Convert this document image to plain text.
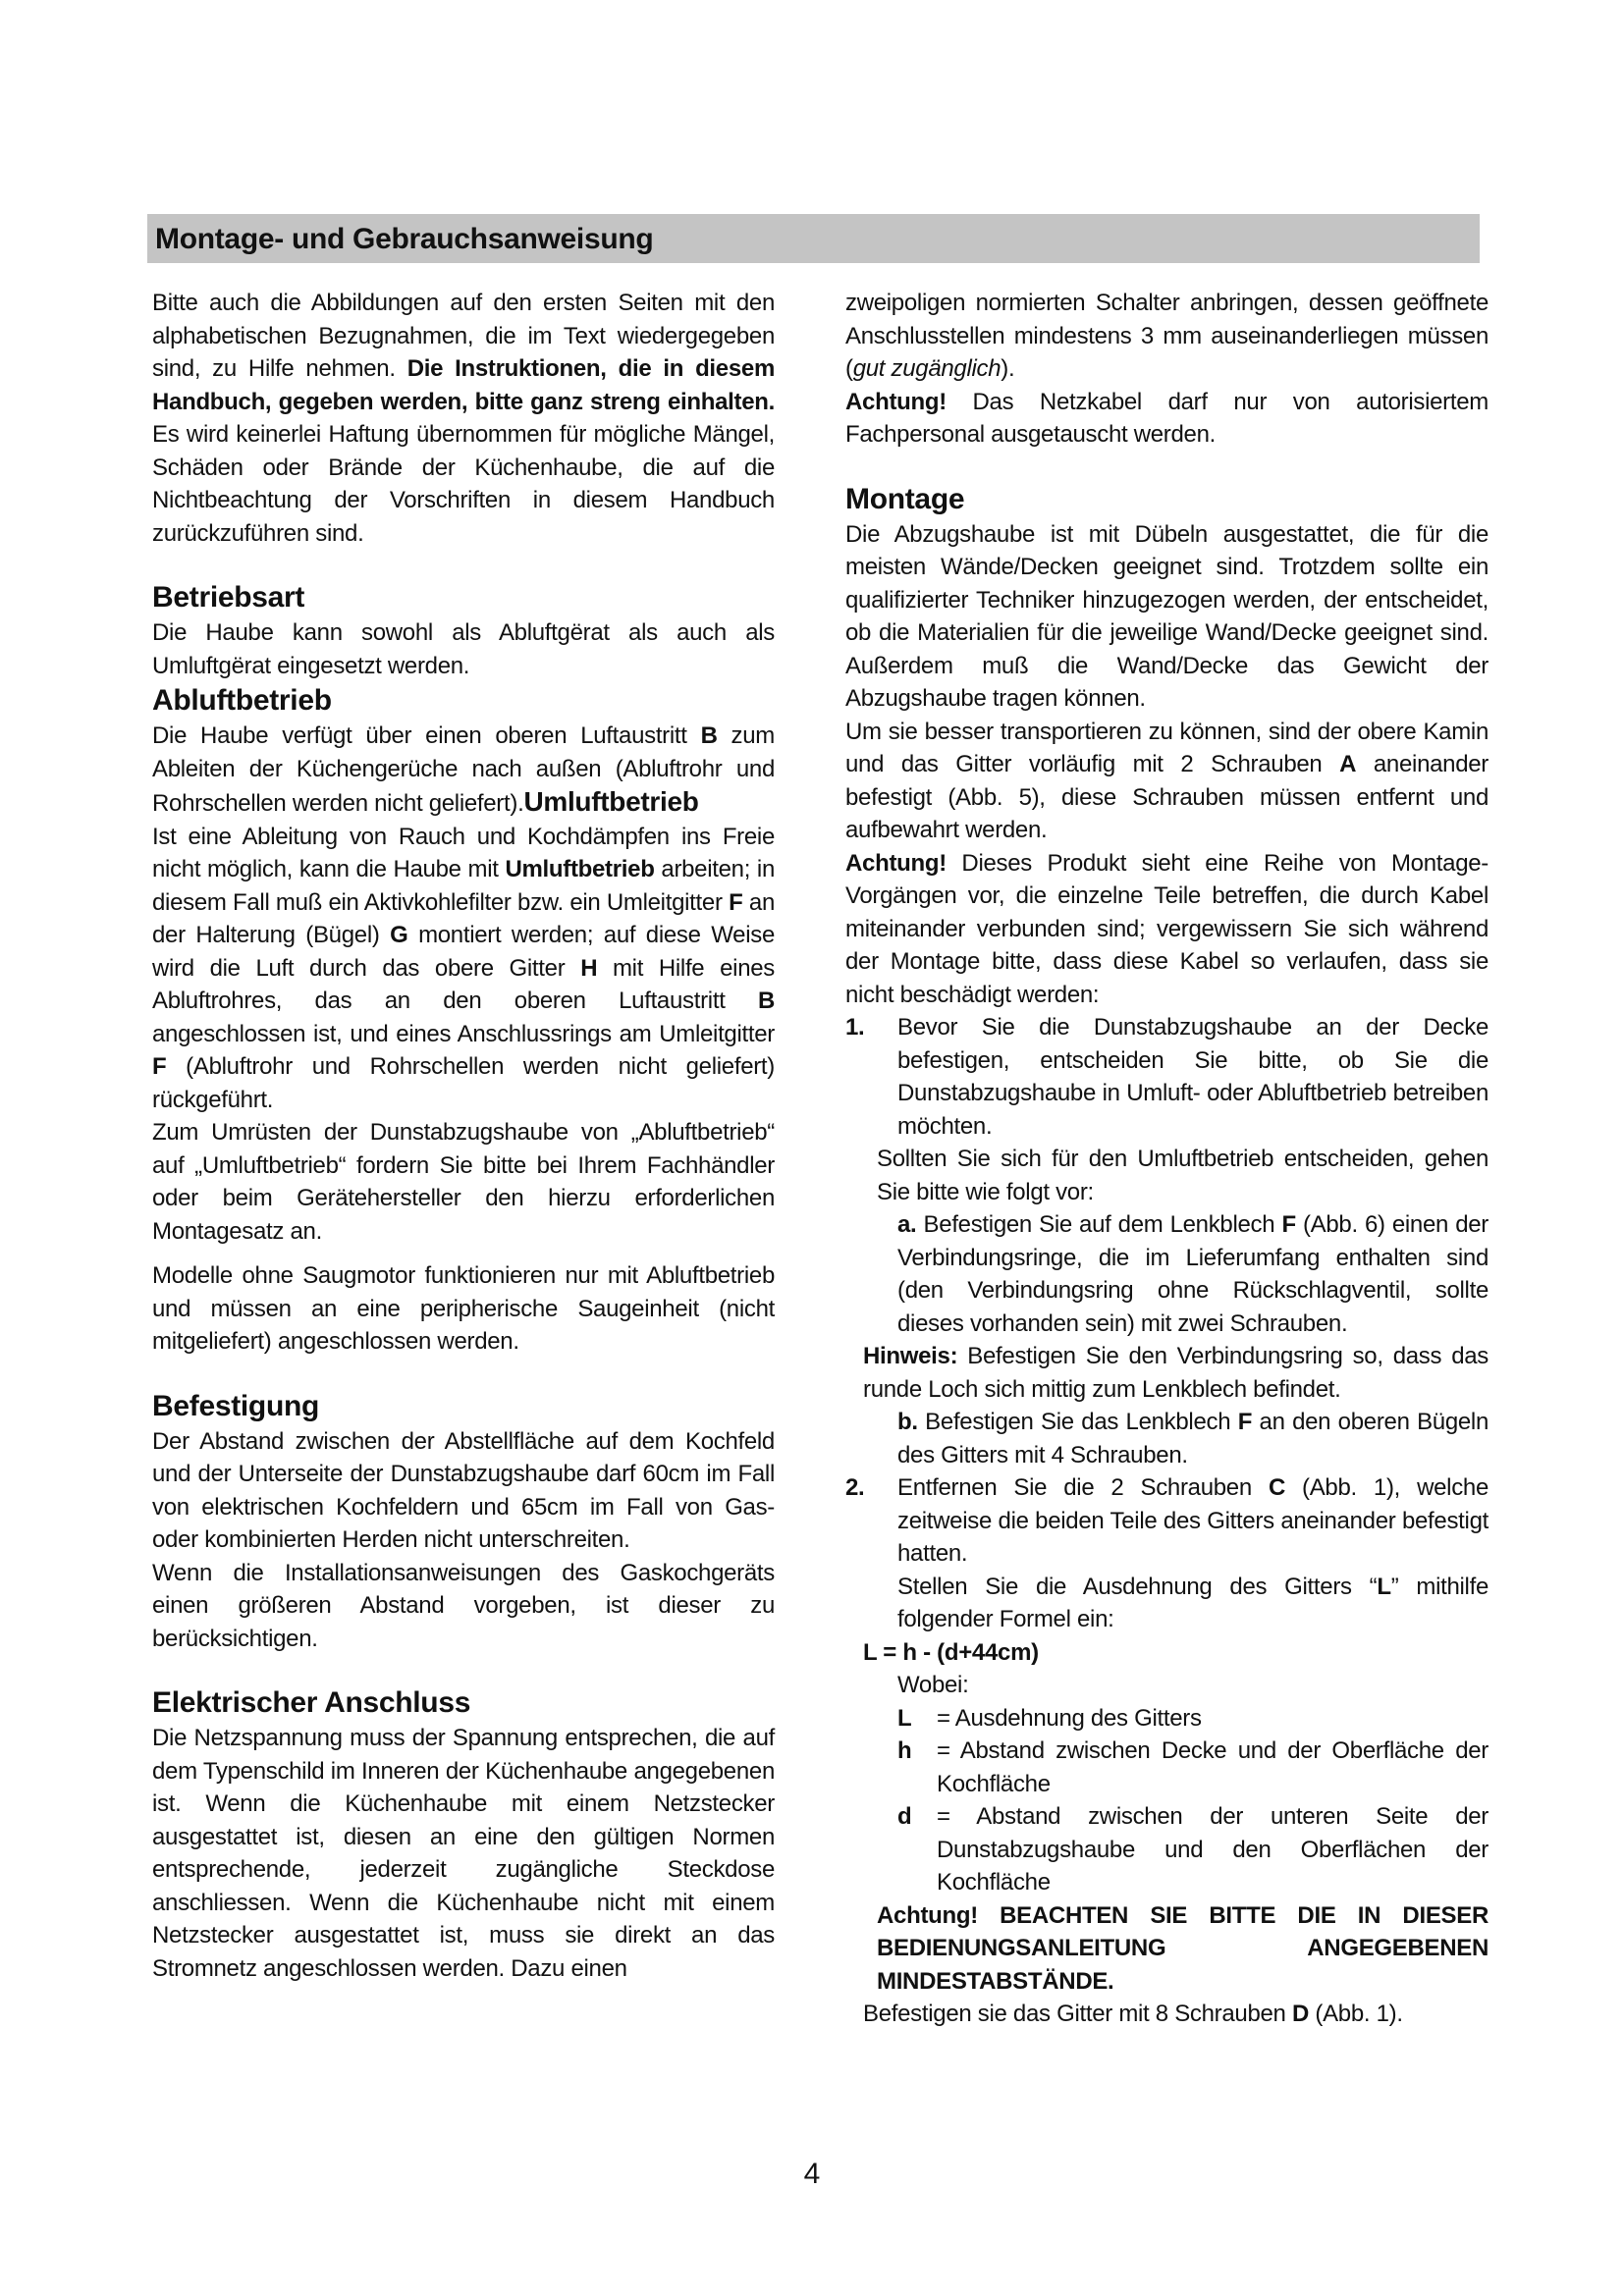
Montage- und Gebrauchsanweisung

Bitte auch die Abbildungen auf den ersten Seiten mit den alphabetischen Bezugnahmen, die im Text wiedergegeben sind, zu Hilfe nehmen. Die Instruktionen, die in diesem Handbuch, gegeben werden, bitte ganz streng einhalten. Es wird keinerlei Haftung übernommen für mögliche Mängel, Schäden oder Brände der Küchenhaube, die auf die Nichtbeachtung der Vorschriften in diesem Handbuch zurückzuführen sind.

Betriebsart

Die Haube kann sowohl als Abluftgërat als auch als Umluftgërat eingesetzt werden.

Abluftbetrieb

Die Haube verfügt über einen oberen Luftaustritt B zum Ableiten der Küchengerüche nach außen (Abluftrohr und Rohrschellen werden nicht geliefert).Umluftbetrieb

Ist eine Ableitung von Rauch und Kochdämpfen ins Freie nicht möglich, kann die Haube mit Umluftbetrieb arbeiten; in diesem Fall muß ein Aktivkohlefilter bzw. ein Umleitgitter F an der Halterung (Bügel) G montiert werden; auf diese Weise wird die Luft durch das obere Gitter H mit Hilfe eines Abluftrohres, das an den oberen Luftaustritt B angeschlossen ist, und eines Anschlussrings am Umleitgitter F (Abluftrohr und Rohrschellen werden nicht geliefert) rückgeführt.

Zum Umrüsten der Dunstabzugshaube von „Abluftbetrieb“ auf „Umluftbetrieb“ fordern Sie bitte bei Ihrem Fachhändler oder beim Gerätehersteller den hierzu erforderlichen Montagesatz an.

Modelle ohne Saugmotor funktionieren nur mit Abluftbetrieb und müssen an eine peripherische Saugeinheit (nicht mitgeliefert) angeschlossen werden.

Befestigung

Der Abstand zwischen der Abstellfläche auf dem Kochfeld und der Unterseite der Dunstabzugshaube darf 60cm im Fall von elektrischen Kochfeldern und 65cm im Fall von Gas- oder kombinierten Herden nicht unterschreiten.

Wenn die Installationsanweisungen des Gaskochgeräts einen größeren Abstand vorgeben, ist dieser zu berücksichtigen.

Elektrischer Anschluss

Die Netzspannung muss der Spannung entsprechen, die auf dem Typenschild im Inneren der Küchenhaube angegebenen ist. Wenn die Küchenhaube mit einem Netzstecker ausgestattet ist, diesen an eine den gültigen Normen entsprechende, jederzeit zugängliche Steckdose anschliessen. Wenn die Küchenhaube nicht mit einem Netzstecker ausgestattet ist, muss sie direkt an das Stromnetz angeschlossen werden. Dazu einen

zweipoligen normierten Schalter anbringen, dessen geöffnete Anschlusstellen mindestens 3 mm auseinanderliegen müssen (gut zugänglich).

Achtung! Das Netzkabel darf nur von autorisiertem Fachpersonal ausgetauscht werden.

Montage

Die Abzugshaube ist mit Dübeln ausgestattet, die für die meisten Wände/Decken geeignet sind. Trotzdem sollte ein qualifizierter Techniker hinzugezogen werden, der entscheidet, ob die Materialien für die jeweilige Wand/Decke geeignet sind. Außerdem muß die Wand/Decke das Gewicht der Abzugshaube tragen können.

Um sie besser transportieren zu können, sind der obere Kamin und das Gitter vorläufig mit 2 Schrauben A aneinander befestigt (Abb. 5), diese Schrauben müssen entfernt und aufbewahrt werden.

Achtung! Dieses Produkt sieht eine Reihe von Montage-Vorgängen vor, die einzelne Teile betreffen, die durch Kabel miteinander verbunden sind; vergewissern Sie sich während der Montage bitte, dass diese Kabel so verlaufen, dass sie nicht beschädigt werden:

1.	Bevor Sie die Dunstabzugshaube an der Decke befestigen, entscheiden Sie bitte, ob Sie die Dunstabzugshaube in Umluft- oder Abluftbetrieb betreiben möchten.

Sollten Sie sich für den Umluftbetrieb entscheiden, gehen Sie bitte wie folgt vor:

a. Befestigen Sie auf dem Lenkblech F (Abb. 6) einen der Verbindungsringe, die im Lieferumfang enthalten sind (den Verbindungsring ohne Rückschlagventil, sollte dieses vorhanden sein) mit zwei Schrauben.

Hinweis: Befestigen Sie den Verbindungsring so, dass das runde Loch sich mittig zum Lenkblech befindet.

b. Befestigen Sie das Lenkblech F an den oberen Bügeln des Gitters mit 4 Schrauben.

2.	Entfernen Sie die 2 Schrauben C (Abb. 1), welche zeitweise die beiden Teile des Gitters aneinander befestigt hatten.

Stellen Sie die Ausdehnung des Gitters “L” mithilfe folgender Formel ein:

L = h - (d+44cm)

Wobei:

L	= Ausdehnung des Gitters
h	= Abstand zwischen Decke und der Oberfläche der Kochfläche
d	= Abstand zwischen der unteren Seite der Dunstabzugshaube und den Oberflächen der Kochfläche

Achtung! BEACHTEN SIE BITTE DIE IN DIESER BEDIENUNGSANLEITUNG ANGEGEBENEN MINDESTABSTÄNDE.

Befestigen sie das Gitter mit 8 Schrauben D (Abb. 1).

4
